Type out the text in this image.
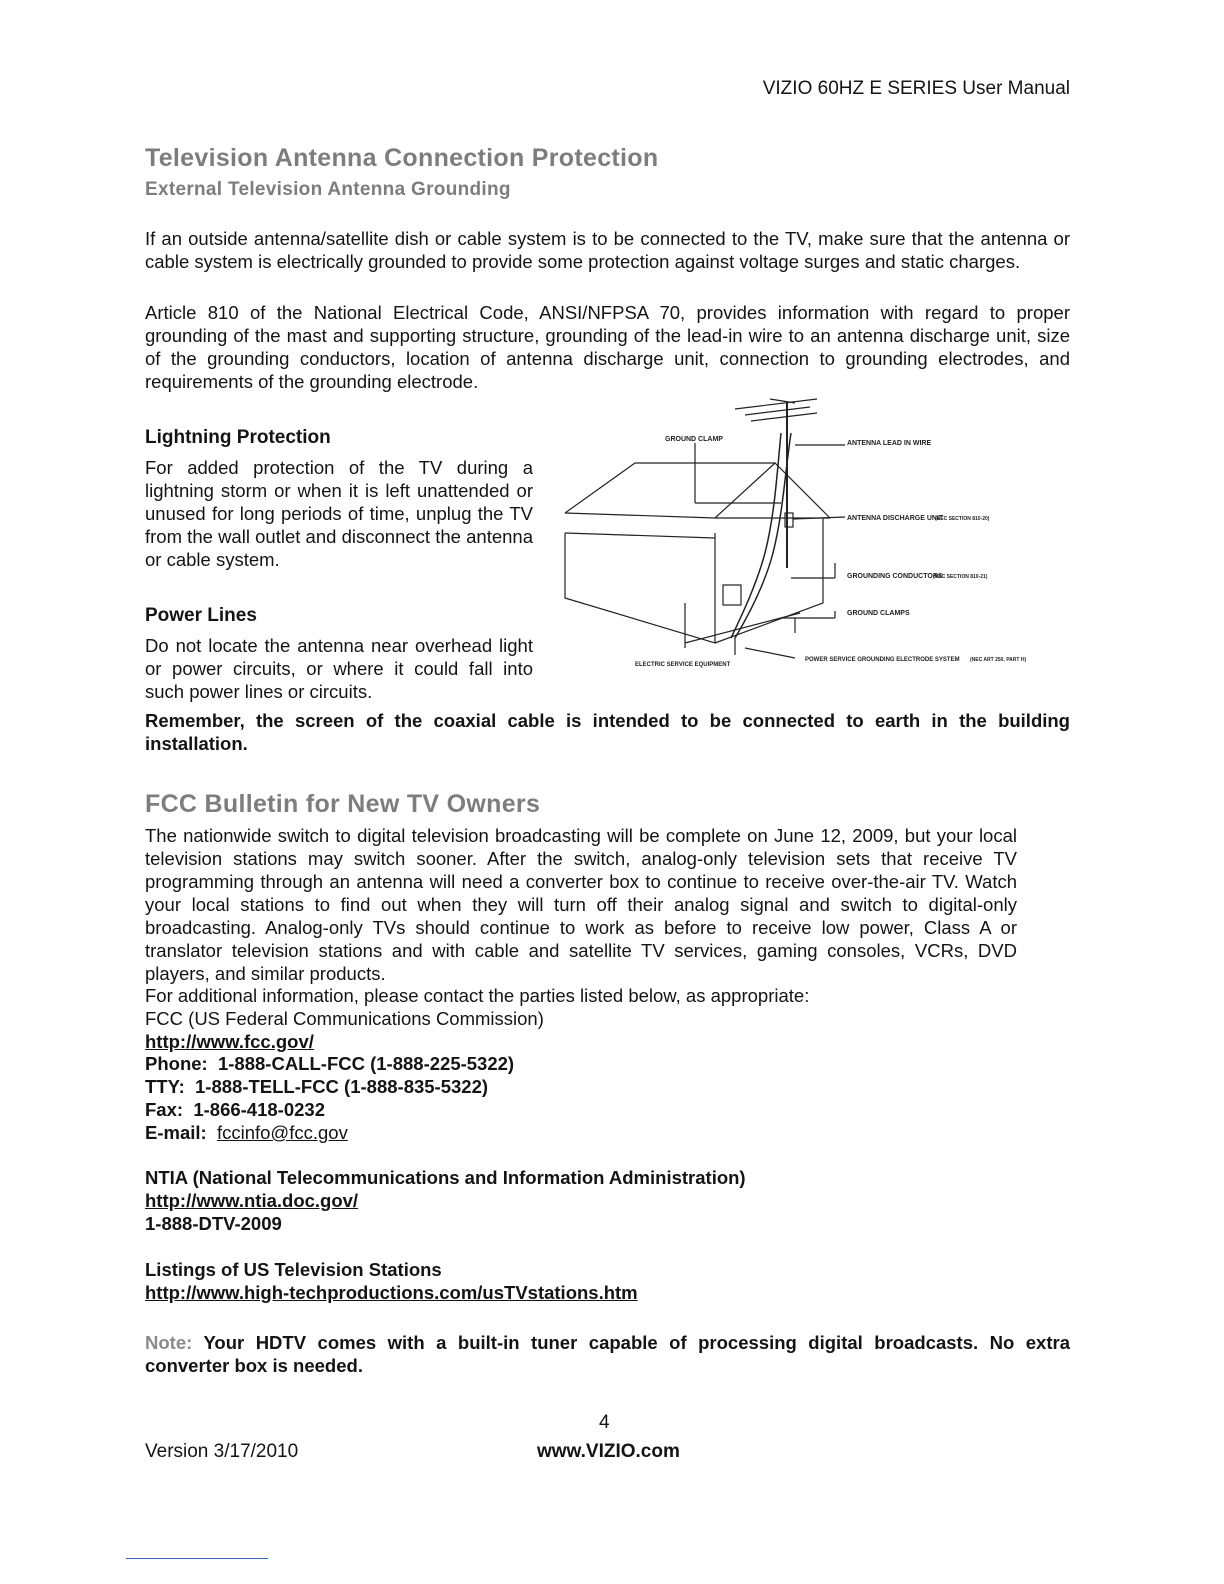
VIZIO 60HZ E SERIES User Manual
Television Antenna Connection Protection
External Television Antenna Grounding

If an outside antenna/satellite dish or cable system is to be connected to the TV, make sure that the antenna or cable system is electrically grounded to provide some protection against voltage surges and static charges.

Article 810 of the National Electrical Code, ANSI/NFPSA 70, provides information with regard to proper grounding of the mast and supporting structure, grounding of the lead-in wire to an antenna discharge unit, size of the grounding conductors, location of antenna discharge unit, connection to grounding electrodes, and requirements of the grounding electrode.

Lightning Protection

For added protection of the TV during a lightning storm or when it is left unattended or unused for long periods of time, unplug the TV from the wall outlet and disconnect the antenna or cable system.

Power Lines

Do not locate the antenna near overhead light or power circuits, or where it could fall into such power lines or circuits.

GROUND CLAMP
ANTENNA LEAD IN WIRE
ANTENNA DISCHARGE UNIT
(NEC SECTION 810-20)
GROUNDING CONDUCTORS
(NEC SECTION 810-21)
GROUND CLAMPS
ELECTRIC SERVICE EQUIPMENT
POWER SERVICE GROUNDING ELECTRODE SYSTEM (NEC ART 250, PART H)

Remember, the screen of the coaxial cable is intended to be connected to earth in the building installation.

FCC Bulletin for New TV Owners

The nationwide switch to digital television broadcasting will be complete on June 12, 2009, but your local television stations may switch sooner. After the switch, analog-only television sets that receive TV programming through an antenna will need a converter box to continue to receive over-the-air TV. Watch your local stations to find out when they will turn off their analog signal and switch to digital-only broadcasting. Analog-only TVs should continue to work as before to receive low power, Class A or translator television stations and with cable and satellite TV services, gaming consoles, VCRs, DVD players, and similar products.

For additional information, please contact the parties listed below, as appropriate:

FCC (US Federal Communications Commission)

http://www.fcc.gov/

Phone: 1-888-CALL-FCC (1-888-225-5322)

TTY: 1-888-TELL-FCC (1-888-835-5322)

Fax: 1-866-418-0232

E-mail: fccinfo@fcc.gov

NTIA (National Telecommunications and Information Administration)

http://www.ntia.doc.gov/

1-888-DTV-2009

Listings of US Television Stations

http://www.high-techproductions.com/usTVstations.htm

Note: Your HDTV comes with a built-in tuner capable of processing digital broadcasts. No extra converter box is needed.

4
Version 3/17/2010	www.VIZIO.com
